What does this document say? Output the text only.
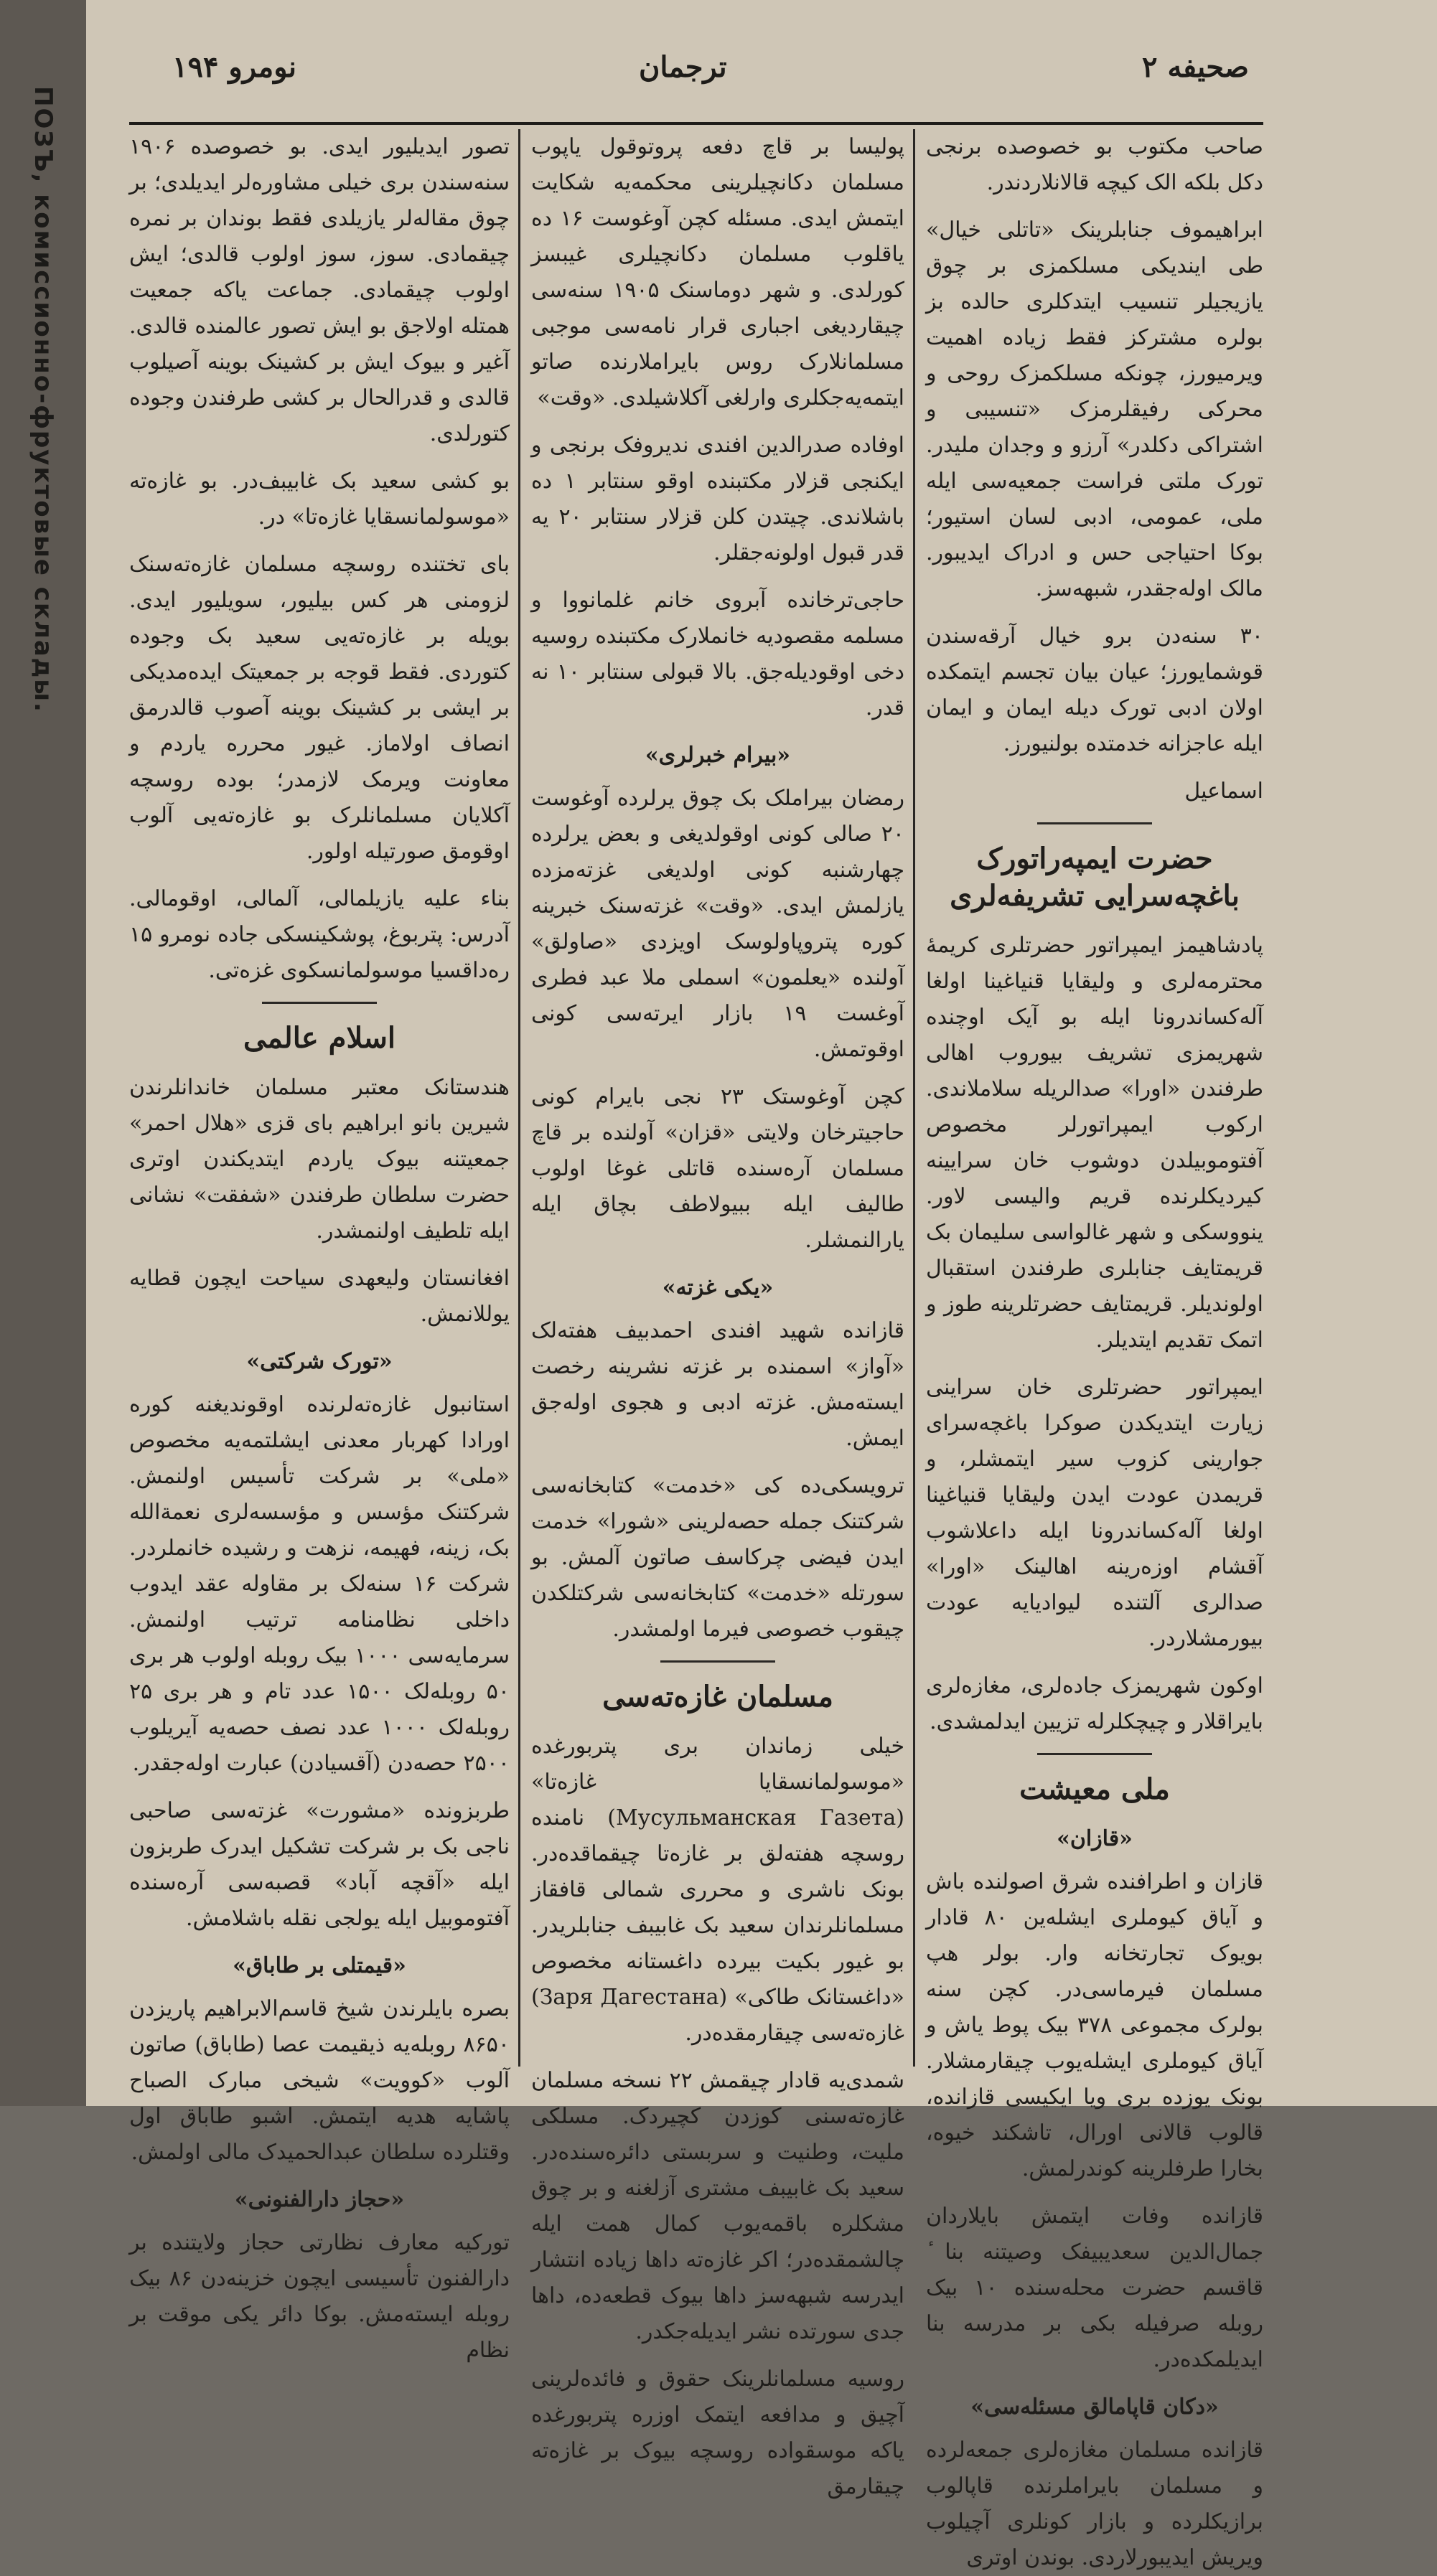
ПОЗЪ, комиссионно-фруктовые склады.
نومرو ۱۹۴	ترجمان	صحیفه ۲

صاحب مکتوب بو خصوصده برنجی دکل بلکه الک کیچه قالانلاردندر.

ابراهیموف جنابلرینک «تاتلی خیال» طی ایندیکی مسلکمزی بر چوق یازیجیلر تنسیب ایتدکلری حالده بز بولره مشترکز فقط زیاده اهمیت ویرمیورز، چونکه مسلکمزک روحی و محرکی رفیقلرمزک «تنسیبی و اشتراکی دکلدر» آرزو و وجدان ملیدر. تورک ملتی فراست جمعیه‌سی ایله ملی، عمومی، ادبی لسان استیور؛ بوکا احتیاجی حس و ادراک ایدیبور. مالک اوله‌جقدر، شبهه‌سز.

۳۰ سنه‌دن برو خیال آرقه‌سندن قوشمایورز؛ عیان بیان تجسم ایتمکده اولان ادبی تورک دیله ایمان و ایمان ایله عاجزانه خدمتده بولنیورز.

اسماعیل

حضرت ایمپه‌راتورک باغچه‌سرایی تشریفه‌لری

پادشاهیمز ایمپراتور حضرتلری کریمهٔ محترمه‌لری و ولیقایا قنیاغینا اولغا آله‌کساندرونا ایله بو آیک اوچنده شهریمزی تشریف بیوروب اهالی طرفندن «اورا» صدالریله سلاملاندی. ارکوب ایمپراتورلر مخصوص آفتوموبیلدن دوشوب خان سرایینه کیردیکلرنده قریم والیسی لاور. ینووسکی و شهر غالواسی سلیمان بک قریمتایف جنابلری طرفندن استقبال اولوندیلر. قریمتایف حضرتلرینه طوز و اتمک تقدیم ایتدیلر.

ایمپراتور حضرتلری خان سراینی زیارت ایتدیکدن صوکرا باغچه‌سرای جوارینی کزوب سیر ایتمشلر، و قریمدن عودت ایدن ولیقایا قنیاغینا اولغا آله‌کساندرونا ایله داعلاشوب آقشام اوزه‌رینه اهالینک «اورا» صدالری آلتنده لیوادیایه عودت بیورمشلاردر.

اوکون شهریمزک جاده‌لری، مغازه‌لری بایراقلار و چیچکلرله تزیین ایدلمشدی.

ملی معیشت
«قازان»

قازان و اطرافنده شرق اصولنده باش و آیاق کیوملری ایشله‌ین ۸۰ قادار بویوک تجارتخانه وار. بولر هپ مسلمان فیرماسی‌در. کچن سنه بولرک مجموعی ۳۷۸ بیک پوط یاش و آیاق کیوملری ایشله‌یوب چیقارمشلار. بونک یوزده بری ویا ایکیسی قازانده، قالوب قالانی اورال، تاشکند خیوه، بخارا طرفلرینه کوندرلمش.

قازانده وفات ایتمش بایلاردان جمال‌الدین سعدیبیفک وصیتنه بنا ٔ قاقسم حضرت محله‌سنده ۱۰ بیک روبله صرفیله بکی بر مدرسه بنا ایدیلمکده‌در.

«دکان قاپامالق مسئله‌سی»

قازانده مسلمان مغازه‌لری جمعه‌لرده و مسلمان بایراملرنده قاپالوب برازیکلرده و بازار کونلری آچیلوب ویریش ایدیبورلاردی. بوندن اوتری

پولیسا بر قاچ دفعه پروتوقول یاپوب مسلمان دکانچیلرینی محکمه‌یه شکایت ایتمش ایدی. مسئله کچن آوغوست ۱۶ ده یاقلوب مسلمان دکانچیلری غیبسز کورلدی. و شهر دوماسنک ۱۹۰۵ سنه‌سی چیقاردیغی اجباری قرار نامه‌سی موجبی مسلمانلارک روس بایراملارنده صاتو ایتمه‌یه‌جکلری وارلغی آکلاشیلدی. «وقت»

اوفاده صدرالدین افندی ندیروفک برنجی و ایکنجی قزلار مکتبنده اوقو سنتابر ۱ ده باشلاندی. چیتدن کلن قزلار سنتابر ۲۰ یه قدر قبول اولونه‌جقلر.

حاجی‌ترخانده آبروی خانم غلمانووا و مسلمه مقصودیه خانملارک مکتبنده روسیه دخی اوقودیله‌جق. بالا قبولی سنتابر ۱۰ نه قدر.

«بیرام خبرلری»

رمضان بیراملک بک چوق یرلرده آوغوست ۲۰ صالی کونی اوقولدیغی و بعض یرلرده چهارشنبه کونی اولدیغی غزته‌مزده یازلمش ایدی. «وقت» غزته‌سنک خبرینه کوره پتروپاولوسک اویزدی «صاولق» آولنده «یعلمون» اسملی ملا عبد فطری آوغست ۱۹ بازار ایرته‌سی کونی اوقوتمش.

کچن آوغوستک ۲۳ نجی بایرام کونی حاجیترخان ولایتی «قزان» آولنده بر قاچ مسلمان آره‌سنده قاتلی غوغا اولوب طالیف ایله ببیولاطف بچاق ایله یارالنمشلر.

«یکی غزته»

قازانده شهید افندی احمدبیف هفته‌لک «آواز» اسمنده بر غزته نشرینه رخصت ایسته‌مش. غزته ادبی و هجوی اوله‌جق ایمش.

ترویسکی‌ده کی «خدمت» کتابخانه‌سی شرکتنک جمله حصه‌لرینی «شورا» خدمت ایدن فیضی چرکاسف صاتون آلمش. بو سورتله «خدمت» کتابخانه‌سی شرکتلکدن چیقوب خصوصی فیرما اولمشدر.

مسلمان غازه‌ته‌سی

خیلی زماندان بری پتربورغده «موسولمانسقایا غازه‌تا» (Мусульманская Газета) نامنده روسچه هفته‌لق بر غازه‌تا چیقماقده‌در. بونک ناشری و محرری شمالی قافقاز مسلمانلرندان سعید بک غابیبف جنابلریدر. بو غیور بکیت بیرده داغستانه مخصوص «داغستانک طاکی» (Заря Дагестана) غازه‌ته‌سی چیقارمقده‌در.

شمدی‌یه قادار چیقمش ۲۲ نسخه مسلمان غازه‌ته‌سنی کوزدن کچیردک. مسلکی ملیت، وطنیت و سربستی دائره‌سنده‌در. سعید بک غابیبف مشتری آزلغنه و بر چوق مشکلره باقمه‌یوب کمال همت ایله چالشمقده‌در؛ اکر غازه‌ته داها زیاده انتشار ایدرسه شبهه‌سز داها بیوک قطعه‌ده، داها جدی سورتده نشر ایدیله‌جکدر.

روسیه مسلمانلرینک حقوق و فائده‌لرینی آچیق و مدافعه ایتمک اوزره پتربورغده یاکه موسقواده روسچه بیوک بر غازه‌ته چیقارمق

تصور ایدیلیور ایدی. بو خصوصده ۱۹۰۶ سنه‌سندن بری خیلی مشاوره‌لر ایدیلدی؛ بر چوق مقاله‌لر یازیلدی فقط بوندان بر نمره چیقمادی. سوز، سوز اولوب قالدی؛ ایش اولوب چیقمادی. جماعت یاکه جمعیت همتله اولاجق بو ایش تصور عالمنده قالدی. آغیر و بیوک ایش بر کشینک بوینه آصیلوب قالدی و قدرالحال بر کشی طرفندن وجوده کتورلدی.

بو کشی سعید بک غابیبف‌در. بو غازه‌ته «موسولمانسقایا غازه‌تا» در.

بای تختنده روسچه مسلمان غازه‌ته‌سنک لزومنی هر کس بیلیور، سویلیور ایدی. بویله بر غازه‌ته‌یی سعید بک وجوده کتوردی. فقط قوجه بر جمعیتک ایده‌مدیکی بر ایشی بر کشینک بوینه آصوب قالدرمق انصاف اولاماز. غیور محرره یاردم و معاونت ویرمک لازمدر؛ بوده روسچه آکلایان مسلمانلرک بو غازه‌ته‌یی آلوب اوقومق صورتیله اولور.

بناء علیه یازیلمالی، آلمالی، اوقومالی. آدرس: پتربوغ، پوشکینسکی جاده نومرو ۱۵ ره‌داقسیا موسولمانسکوی غزه‌تی.

اسلام عالمی

هندستانک معتبر مسلمان خاندانلرندن شیرین بانو ابراهیم بای قزی «هلال احمر» جمعیتنه بیوک یاردم ایتدیکندن اوتری حضرت سلطان طرفندن «شفقت» نشانی ایله تلطیف اولنمشدر.

افغانستان ولیعهدی سیاحت ایچون قطایه یوللانمش.

«تورک شرکتی»

استانبول غازه‌ته‌لرنده اوقوندیغنه کوره اورادا کهربار معدنی ایشلتمه‌یه مخصوص «ملی» بر شرکت تأسیس اولنمش. شرکتنک مؤسس و مؤسسه‌لری نعمة‌الله بک، زینه، فهیمه، نزهت و رشیده خانملردر. شرکت ۱۶ سنه‌لک بر مقاوله عقد ایدوب داخلی نظامنامه ترتیب اولنمش. سرمایه‌سی ۱۰۰۰ بیک روبله اولوب هر بری ۵۰ روبله‌لک ۱۵۰۰ عدد تام و هر بری ۲۵ روبله‌لک ۱۰۰۰ عدد نصف حصه‌یه آیریلوب ۲۵۰۰ حصه‌دن (آقسیادن) عبارت اوله‌جقدر.

طربزونده «مشورت» غزته‌سی صاحبی ناجی بک بر شرکت تشکیل ایدرک طربزون ایله «آقچه آباد» قصبه‌سی آره‌سنده آفتوموبیل ایله یولجی نقله باشلامش.

«قیمتلی بر طاباق»

بصره بایلرندن شیخ قاسم‌الابراهیم پاریزدن ۸۶۵۰ روبله‌یه ذیقیمت عصا (طاباق) صاتون آلوب «کوویت» شیخی مبارک الصباح پاشایه هدیه ایتمش. اشبو طاباق اول وقتلرده سلطان عبدالحمیدک مالی اولمش.

«حجاز دارالفنونی»

تورکیه معارف نظارتی حجاز ولایتنده بر دارالفنون تأسیسی ایچون خزینه‌دن ۸۶ بیک روبله ایسته‌مش. بوکا دائر یکی موقت بر نظام
